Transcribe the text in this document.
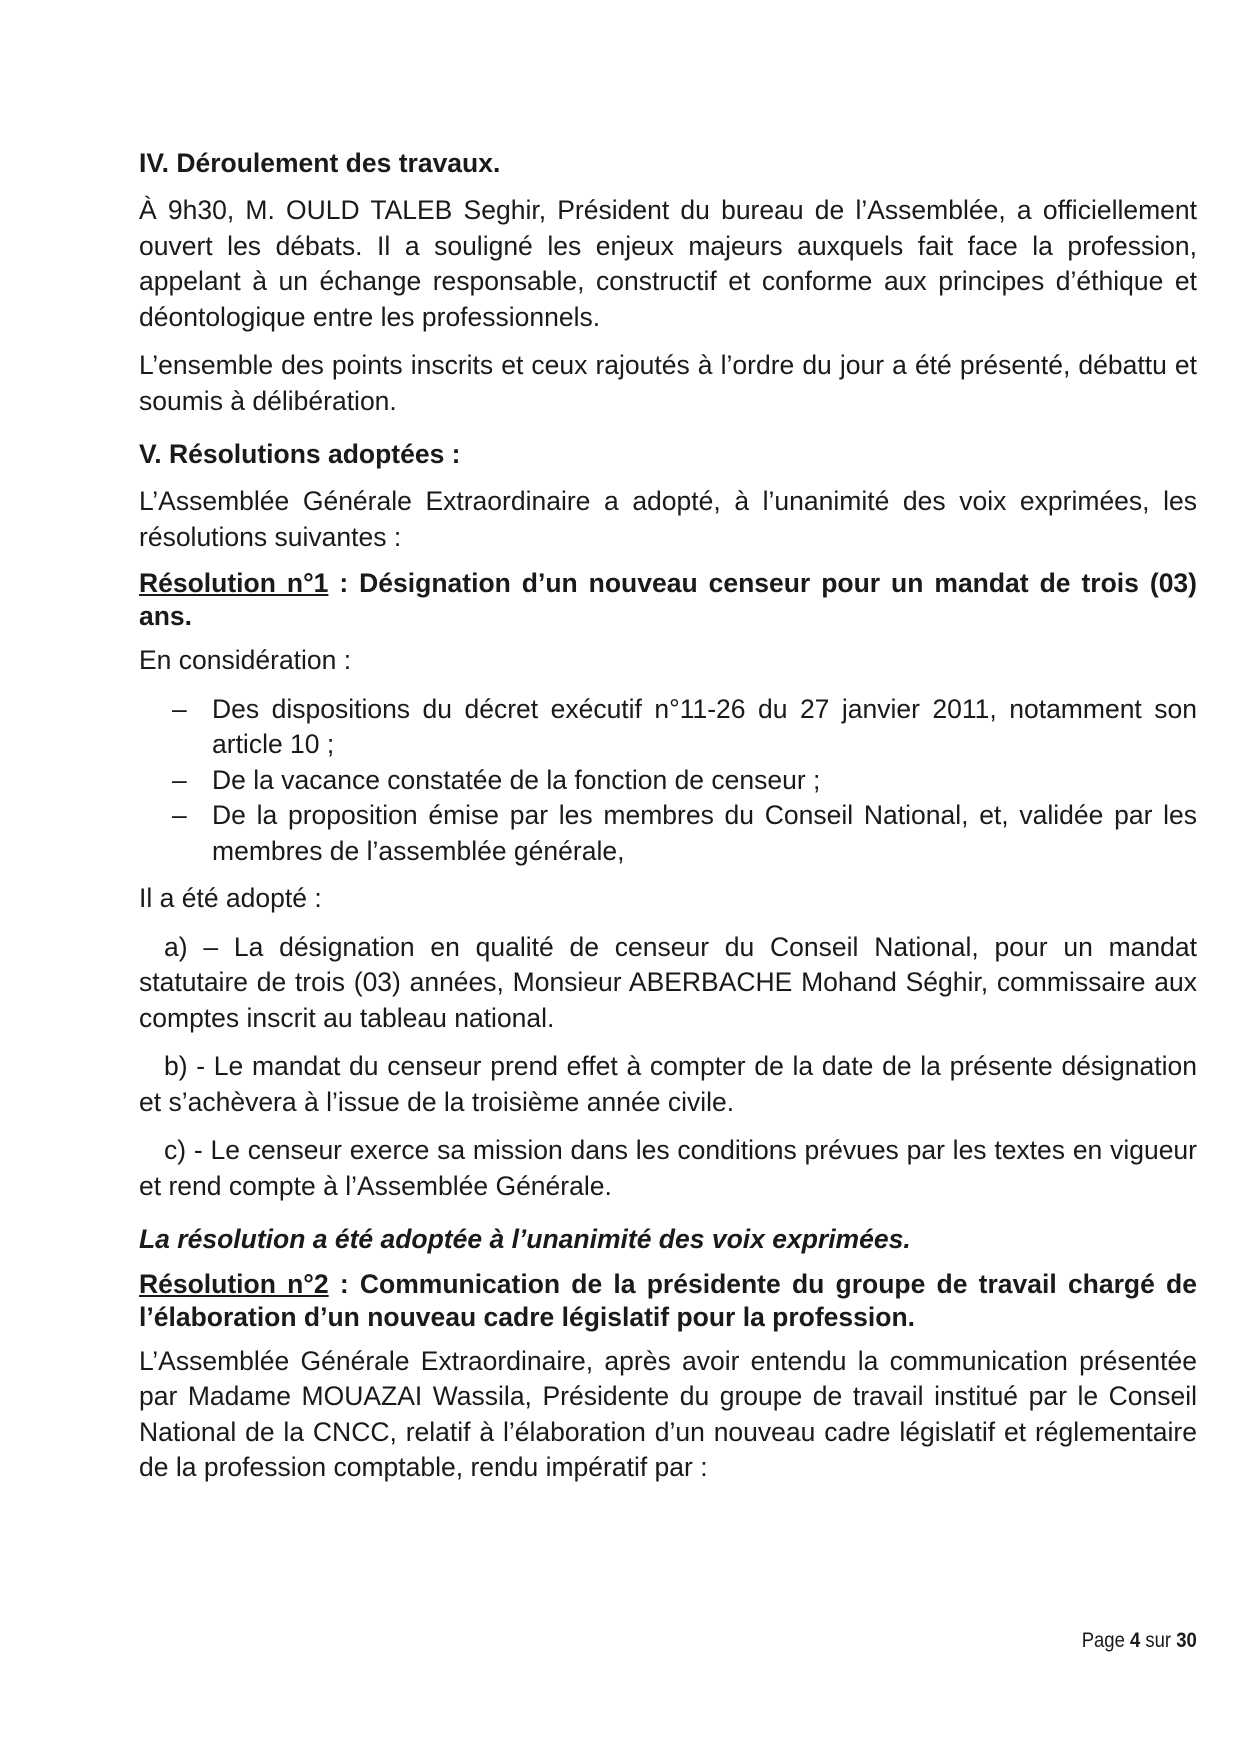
IV. Déroulement des travaux.

À 9h30, M. OULD TALEB Seghir, Président du bureau de l’Assemblée, a officiellement ouvert les débats. Il a souligné les enjeux majeurs auxquels fait face la profession, appelant à un échange responsable, constructif et conforme aux principes d’éthique et déontologique entre les professionnels.

L’ensemble des points inscrits et ceux rajoutés à l’ordre du jour a été présenté, débattu et soumis à délibération.

V. Résolutions adoptées :

L’Assemblée Générale Extraordinaire a adopté, à l’unanimité des voix exprimées, les résolutions suivantes :

Résolution n°1 : Désignation d’un nouveau censeur pour un mandat de trois (03) ans.

En considération :

– Des dispositions du décret exécutif n°11-26 du 27 janvier 2011, notamment son article 10 ;
– De la vacance constatée de la fonction de censeur ;
– De la proposition émise par les membres du Conseil National, et, validée par les membres de l’assemblée générale,

Il a été adopté :

a) – La désignation en qualité de censeur du Conseil National, pour un mandat statutaire de trois (03) années, Monsieur ABERBACHE Mohand Séghir, commissaire aux comptes inscrit au tableau national.

b) - Le mandat du censeur prend effet à compter de la date de la présente désignation et s’achèvera à l’issue de la troisième année civile.

c) - Le censeur exerce sa mission dans les conditions prévues par les textes en vigueur et rend compte à l’Assemblée Générale.

La résolution a été adoptée à l’unanimité des voix exprimées.

Résolution n°2 : Communication de la présidente du groupe de travail chargé de l’élaboration d’un nouveau cadre législatif pour la profession.

L’Assemblée Générale Extraordinaire, après avoir entendu la communication présentée par Madame MOUAZAI Wassila, Présidente du groupe de travail institué par le Conseil National de la CNCC, relatif à l’élaboration d’un nouveau cadre législatif et réglementaire de la profession comptable, rendu impératif par :

Page 4 sur 30
